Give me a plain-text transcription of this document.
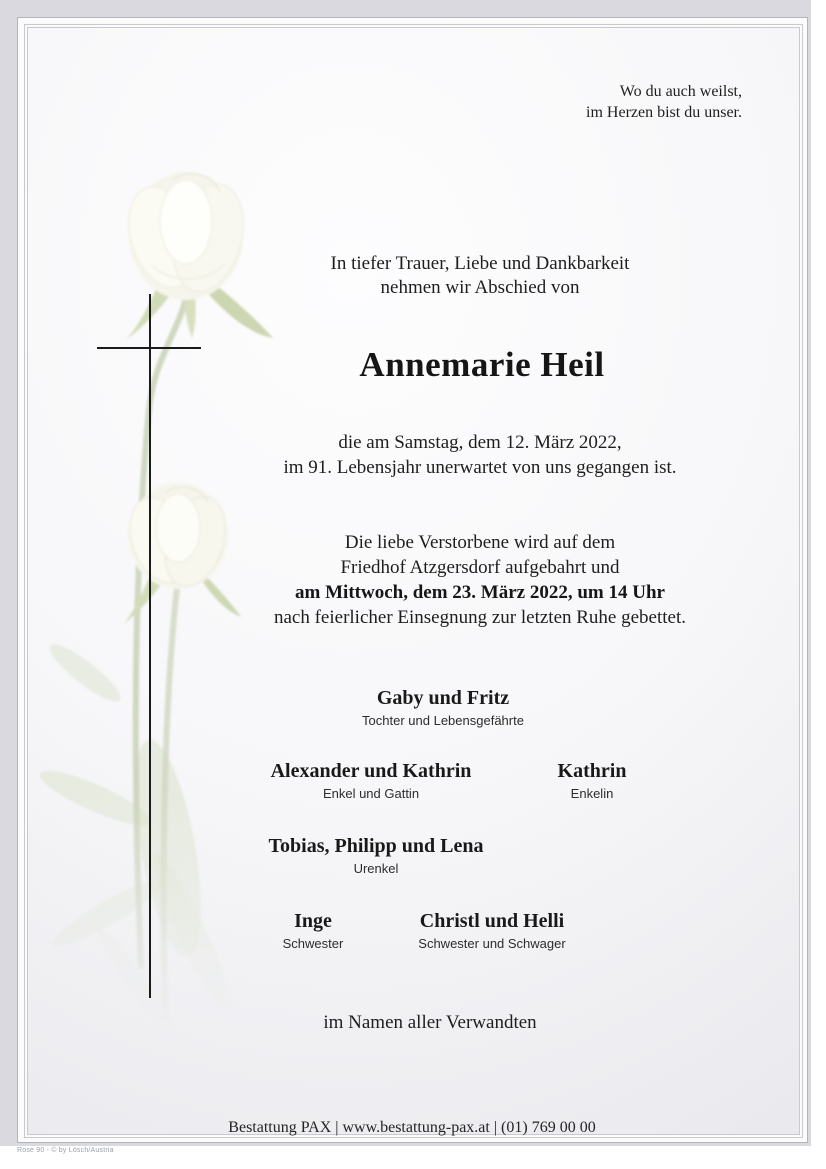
Wo du auch weilst,
im Herzen bist du unser.
In tiefer Trauer, Liebe und Dankbarkeit
nehmen wir Abschied von
Annemarie Heil
die am Samstag, dem 12. März 2022,
im 91. Lebensjahr unerwartet von uns gegangen ist.
Die liebe Verstorbene wird auf dem
Friedhof Atzgersdorf aufgebahrt und
am Mittwoch, dem 23. März 2022, um 14 Uhr
nach feierlicher Einsegnung zur letzten Ruhe gebettet.
Gaby und Fritz
Tochter und Lebensgefährte
Alexander und Kathrin
Enkel und Gattin
Kathrin
Enkelin
Tobias, Philipp und Lena
Urenkel
Inge
Schwester
Christl und Helli
Schwester und Schwager
im Namen aller Verwandten
Bestattung PAX | www.bestattung-pax.at | (01) 769 00 00
Rose 90 - © by Lösch/Austria
